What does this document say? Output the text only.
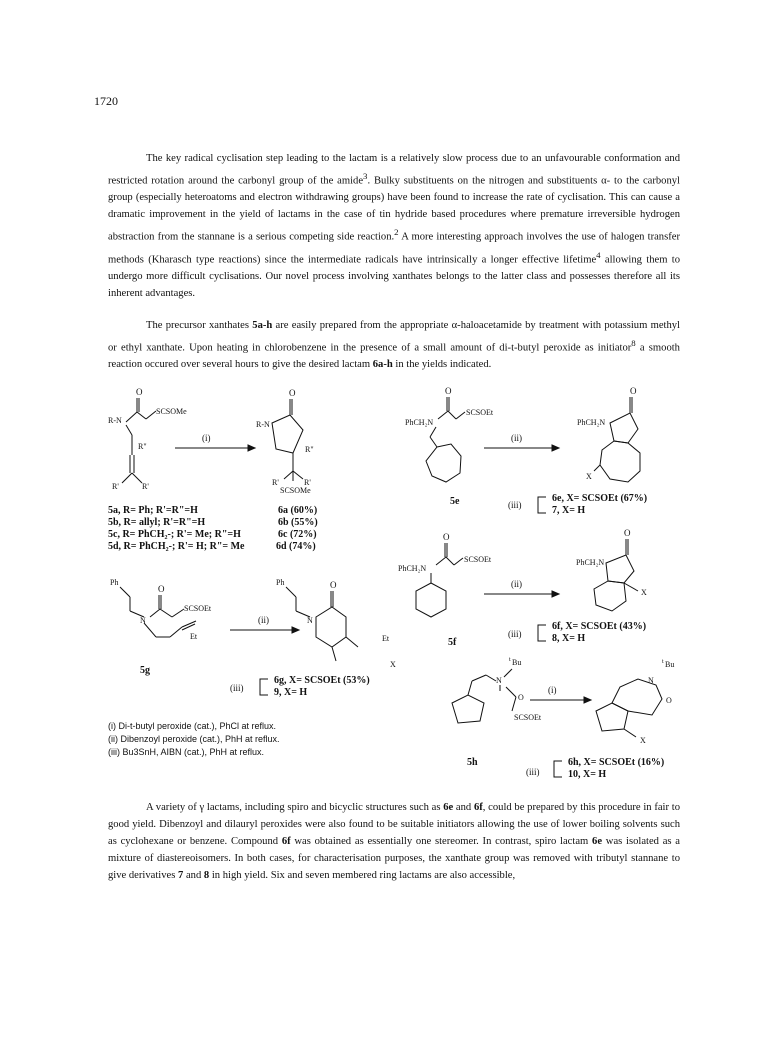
1720

The key radical cyclisation step leading to the lactam is a relatively slow process due to an unfavourable conformation and restricted rotation around the carbonyl group of the amide$^3$. Bulky substituents on the nitrogen and substituents α- to the carbonyl group (especially heteroatoms and electron withdrawing groups) have been found to increase the rate of cyclisation. This can cause a dramatic improvement in the yield of lactams in the case of tin hydride based procedures where premature irreversible hydrogen abstraction from the stannane is a serious competing side reaction.$^2$ A more interesting approach involves the use of halogen transfer methods (Kharasch type reactions) since the intermediate radicals have intrinsically a longer effective lifetime$^4$ allowing them to undergo more difficult cyclisations. Our novel process involving xanthates belongs to the latter class and possesses therefore all its inherent advantages.

The precursor xanthates 5a-h are easily prepared from the appropriate α-haloacetamide by treatment with potassium methyl or ethyl xanthate. Upon heating in chlorobenzene in the presence of a small amount of di-t-butyl peroxide as initiator$^8$ a smooth reaction occured over several hours to give the desired lactam 6a-h in the yields indicated.

O
SCSOMe
R-N
R"
R'	R'
(i)
O
R-N
R"
R'	R'
SCSOMe
5a, R= Ph; R'=R"=H	6a (60%)
5b, R= allyl; R'=R"=H	6b (55%)
5c, R= PhCH₂-; R'= Me; R"=H	6c (72%)
5d, R= PhCH₂-; R'= H; R"= Me	6d (74%)
O
PhCH₂N
SCSOEt
5e
(ii)
O
PhCH₂N
X
(iii)
6e, X= SCSOEt (67%)
7, X= H
O
PhCH₂N
SCSOEt
5f
(ii)
O
PhCH₂N
X
(iii)
6f, X= SCSOEt (43%)
8, X= H
Ph
O
SCSOEt
N
Et
5g
(ii)
Ph	O
N
Et
X
(iii)
6g, X= SCSOEt (53%)
9, X= H
N
t Bu
O
SCSOEt
5h
(i)
N
t Bu
O
X
(iii)
6h, X= SCSOEt (16%)
10, X= H
(i) Di-t-butyl peroxide (cat.), PhCl at reflux.
(ii) Dibenzoyl peroxide (cat.), PhH at reflux.
(iii) Bu3SnH, AIBN (cat.), PhH at reflux.

A variety of γ lactams, including spiro and bicyclic structures such as 6e and 6f, could be prepared by this procedure in fair to good yield. Dibenzoyl and dilauryl peroxides were also found to be suitable initiators allowing the use of lower boiling solvents such as cyclohexane or benzene. Compound 6f was obtained as essentially one stereomer. In contrast, spiro lactam 6e was isolated as a mixture of diastereoisomers. In both cases, for characterisation purposes, the xanthate group was removed with tributyl stannane to give derivatives 7 and 8 in high yield. Six and seven membered ring lactams are also accessible,
